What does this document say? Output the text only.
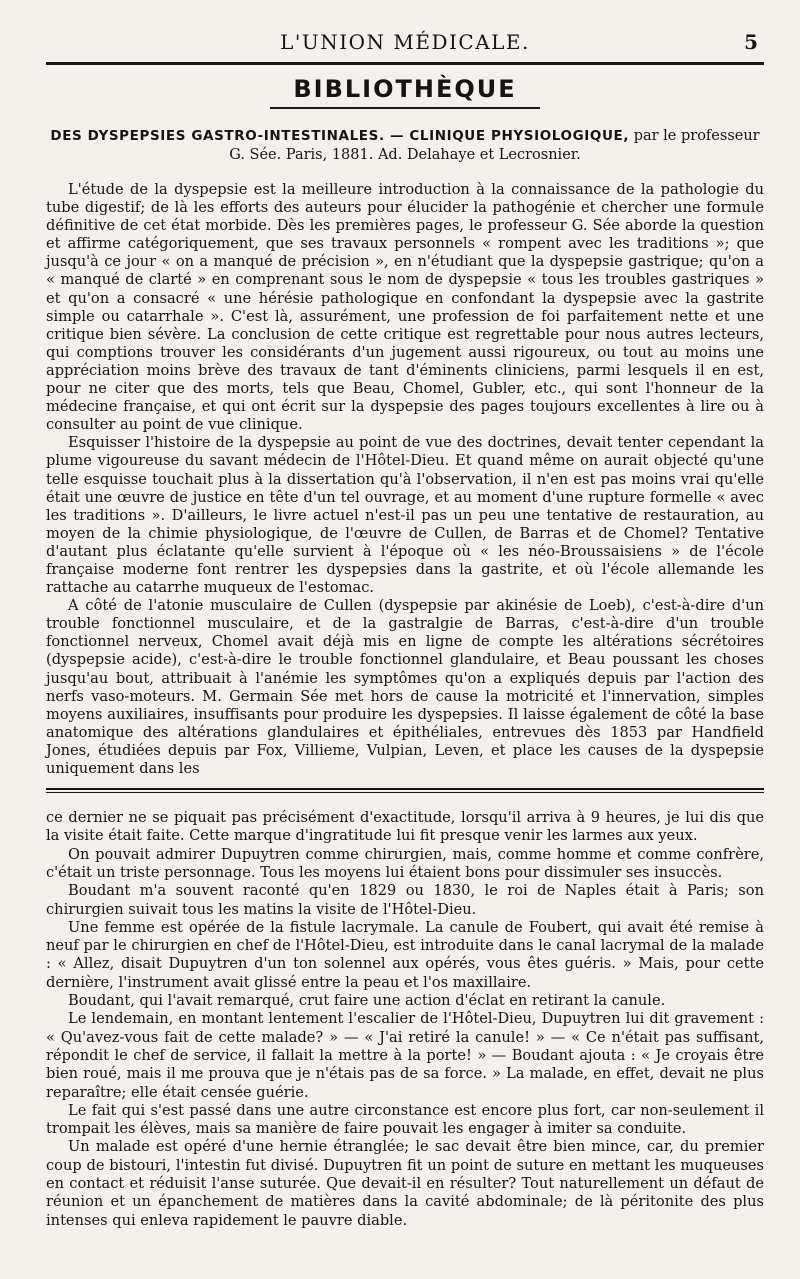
L'UNION MÉDICALE.	5
BIBLIOTHÈQUE
DES DYSPEPSIES GASTRO-INTESTINALES. — CLINIQUE PHYSIOLOGIQUE, par le professeur
G. Sée. Paris, 1881. Ad. Delahaye et Lecrosnier.

L'étude de la dyspepsie est la meilleure introduction à la connaissance de la pathologie du tube digestif; de là les efforts des auteurs pour élucider la pathogénie et chercher une formule définitive de cet état morbide. Dès les premières pages, le professeur G. Sée aborde la question et affirme catégoriquement, que ses travaux personnels « rompent avec les traditions »; que jusqu'à ce jour « on a manqué de précision », en n'étudiant que la dyspepsie gastrique; qu'on a « manqué de clarté » en comprenant sous le nom de dyspepsie « tous les troubles gastriques » et qu'on a consacré « une hérésie pathologique en confondant la dyspepsie avec la gastrite simple ou catarrhale ». C'est là, assurément, une profession de foi parfaitement nette et une critique bien sévère. La conclusion de cette critique est regrettable pour nous autres lecteurs, qui comptions trouver les considérants d'un jugement aussi rigoureux, ou tout au moins une appréciation moins brève des travaux de tant d'éminents cliniciens, parmi lesquels il en est, pour ne citer que des morts, tels que Beau, Chomel, Gubler, etc., qui sont l'honneur de la médecine française, et qui ont écrit sur la dyspepsie des pages toujours excellentes à lire ou à consulter au point de vue clinique.

Esquisser l'histoire de la dyspepsie au point de vue des doctrines, devait tenter cependant la plume vigoureuse du savant médecin de l'Hôtel-Dieu. Et quand même on aurait objecté qu'une telle esquisse touchait plus à la dissertation qu'à l'observation, il n'en est pas moins vrai qu'elle était une œuvre de justice en tête d'un tel ouvrage, et au moment d'une rupture formelle « avec les traditions ». D'ailleurs, le livre actuel n'est-il pas un peu une tentative de restauration, au moyen de la chimie physiologique, de l'œuvre de Cullen, de Barras et de Chomel? Tentative d'autant plus éclatante qu'elle survient à l'époque où « les néo-Broussaisiens » de l'école française moderne font rentrer les dyspepsies dans la gastrite, et où l'école allemande les rattache au catarrhe muqueux de l'estomac.

A côté de l'atonie musculaire de Cullen (dyspepsie par akinésie de Loeb), c'est-à-dire d'un trouble fonctionnel musculaire, et de la gastralgie de Barras, c'est-à-dire d'un trouble fonctionnel nerveux, Chomel avait déjà mis en ligne de compte les altérations sécrétoires (dyspepsie acide), c'est-à-dire le trouble fonctionnel glandulaire, et Beau poussant les choses jusqu'au bout, attribuait à l'anémie les symptômes qu'on a expliqués depuis par l'action des nerfs vaso-moteurs. M. Germain Sée met hors de cause la motricité et l'innervation, simples moyens auxiliaires, insuffisants pour produire les dyspepsies. Il laisse également de côté la base anatomique des altérations glandulaires et épithéliales, entrevues dès 1853 par Handfield Jones, étudiées depuis par Fox, Villieme, Vulpian, Leven, et place les causes de la dyspepsie uniquement dans les

ce dernier ne se piquait pas précisément d'exactitude, lorsqu'il arriva à 9 heures, je lui dis que la visite était faite. Cette marque d'ingratitude lui fit presque venir les larmes aux yeux.

On pouvait admirer Dupuytren comme chirurgien, mais, comme homme et comme confrère, c'était un triste personnage. Tous les moyens lui étaient bons pour dissimuler ses insuccès.

Boudant m'a souvent raconté qu'en 1829 ou 1830, le roi de Naples était à Paris; son chirurgien suivait tous les matins la visite de l'Hôtel-Dieu.

Une femme est opérée de la fistule lacrymale. La canule de Foubert, qui avait été remise à neuf par le chirurgien en chef de l'Hôtel-Dieu, est introduite dans le canal lacrymal de la malade : « Allez, disait Dupuytren d'un ton solennel aux opérés, vous êtes guéris. » Mais, pour cette dernière, l'instrument avait glissé entre la peau et l'os maxillaire.

Boudant, qui l'avait remarqué, crut faire une action d'éclat en retirant la canule.

Le lendemain, en montant lentement l'escalier de l'Hôtel-Dieu, Dupuytren lui dit gravement : « Qu'avez-vous fait de cette malade? » — « J'ai retiré la canule! » — « Ce n'était pas suffisant, répondit le chef de service, il fallait la mettre à la porte! » — Boudant ajouta : « Je croyais être bien roué, mais il me prouva que je n'étais pas de sa force. » La malade, en effet, devait ne plus reparaître; elle était censée guérie.

Le fait qui s'est passé dans une autre circonstance est encore plus fort, car non-seulement il trompait les élèves, mais sa manière de faire pouvait les engager à imiter sa conduite.

Un malade est opéré d'une hernie étranglée; le sac devait être bien mince, car, du premier coup de bistouri, l'intestin fut divisé. Dupuytren fit un point de suture en mettant les muqueuses en contact et réduisit l'anse suturée. Que devait-il en résulter? Tout naturellement un défaut de réunion et un épanchement de matières dans la cavité abdominale; de là péritonite des plus intenses qui enleva rapidement le pauvre diable.
